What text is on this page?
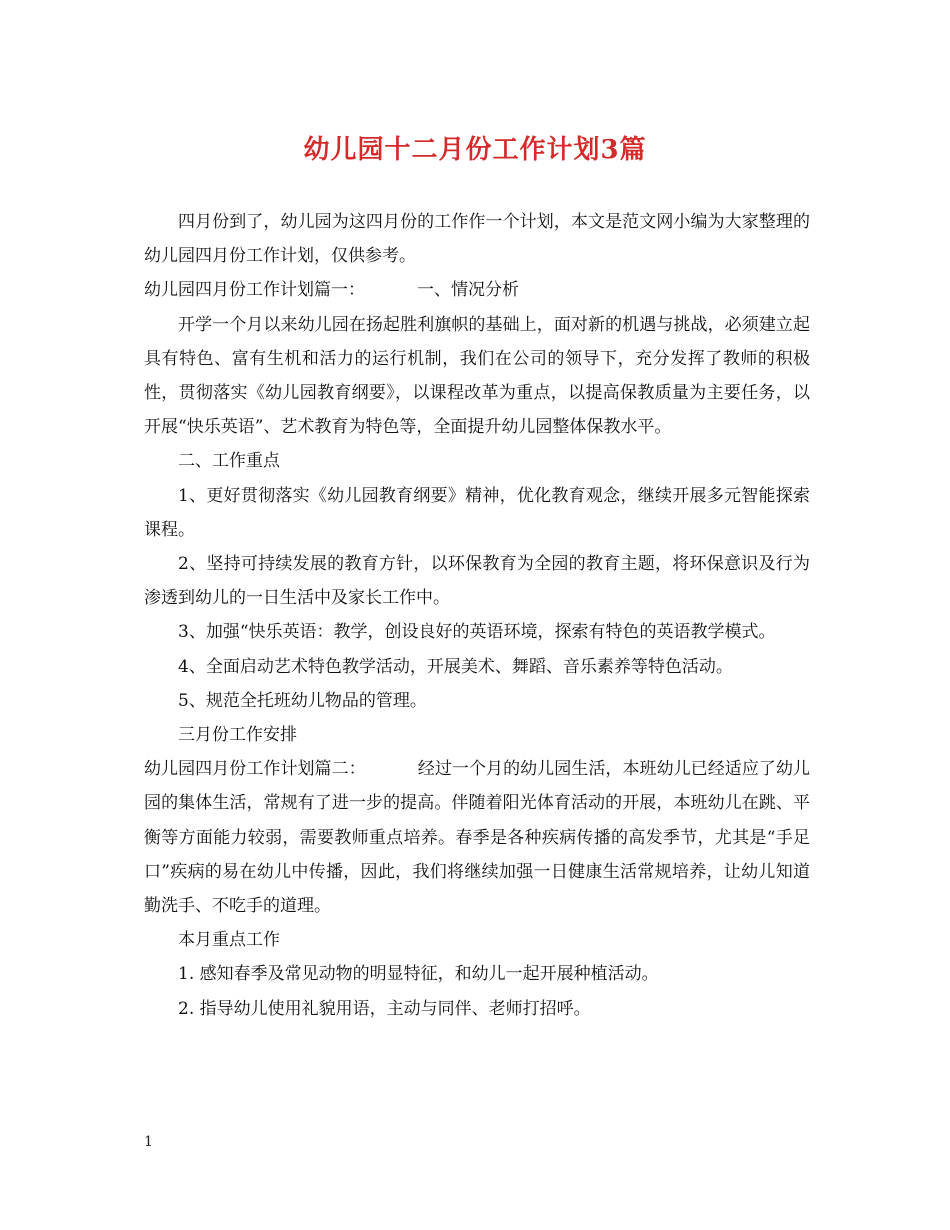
幼儿园十二月份工作计划3篇

四月份到了，幼儿园为这四月份的工作作一个计划，本文是范文网小编为大家整理的幼儿园四月份工作计划，仅供参考。

幼儿园四月份工作计划篇一：	一、情况分析

开学一个月以来幼儿园在扬起胜利旗帜的基础上，面对新的机遇与挑战，必须建立起具有特色、富有生机和活力的运行机制，我们在公司的领导下，充分发挥了教师的积极性，贯彻落实《幼儿园教育纲要》，以课程改革为重点，以提高保教质量为主要任务，以开展“快乐英语”、艺术教育为特色等，全面提升幼儿园整体保教水平。

二、工作重点

1、更好贯彻落实《幼儿园教育纲要》精神，优化教育观念，继续开展多元智能探索课程。

2、坚持可持续发展的教育方针，以环保教育为全园的教育主题，将环保意识及行为渗透到幼儿的一日生活中及家长工作中。

3、加强“快乐英语：教学，创设良好的英语环境，探索有特色的英语教学模式。

4、全面启动艺术特色教学活动，开展美术、舞蹈、音乐素养等特色活动。

5、规范全托班幼儿物品的管理。

三月份工作安排

幼儿园四月份工作计划篇二：	经过一个月的幼儿园生活，本班幼儿已经适应了幼儿园的集体生活，常规有了进一步的提高。伴随着阳光体育活动的开展，本班幼儿在跳、平衡等方面能力较弱，需要教师重点培养。春季是各种疾病传播的高发季节，尤其是“手足口”疾病的易在幼儿中传播，因此，我们将继续加强一日健康生活常规培养，让幼儿知道勤洗手、不吃手的道理。

本月重点工作

1. 感知春季及常见动物的明显特征，和幼儿一起开展种植活动。

2. 指导幼儿使用礼貌用语，主动与同伴、老师打招呼。

1
